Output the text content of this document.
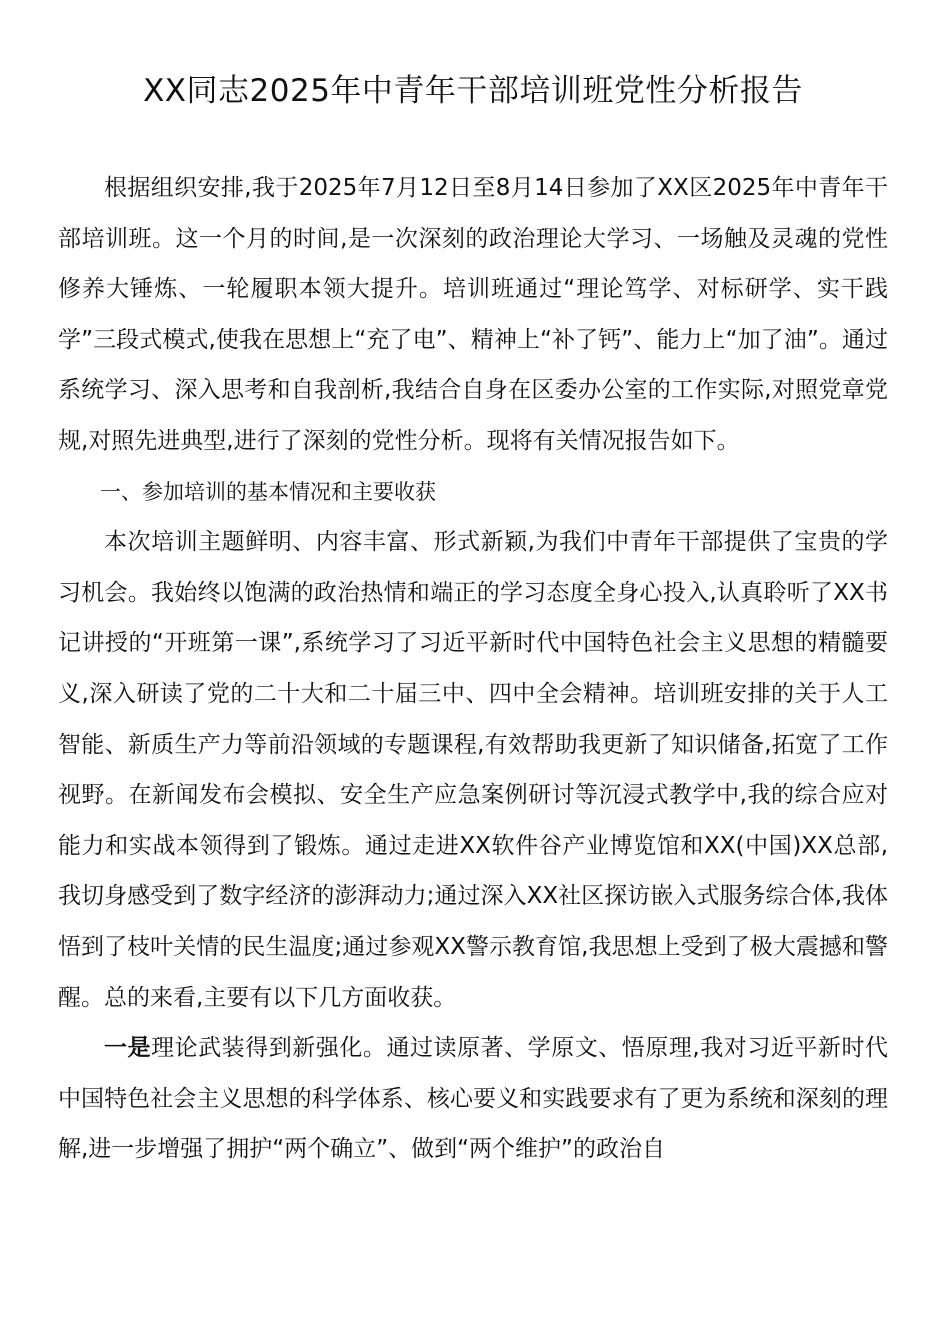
XX同志2025年中青年干部培训班党性分析报告

根据组织安排,我于2025年7月12日至8月14日参加了XX区2025年中青年干部培训班。这一个月的时间,是一次深刻的政治理论大学习、一场触及灵魂的党性修养大锤炼、一轮履职本领大提升。培训班通过“理论笃学、对标研学、实干践学”三段式模式,使我在思想上“充了电”、精神上“补了钙”、能力上“加了油”。通过系统学习、深入思考和自我剖析,我结合自身在区委办公室的工作实际,对照党章党规,对照先进典型,进行了深刻的党性分析。现将有关情况报告如下。

一、参加培训的基本情况和主要收获

本次培训主题鲜明、内容丰富、形式新颖,为我们中青年干部提供了宝贵的学习机会。我始终以饱满的政治热情和端正的学习态度全身心投入,认真聆听了XX书记讲授的“开班第一课”,系统学习了习近平新时代中国特色社会主义思想的精髓要义,深入研读了党的二十大和二十届三中、四中全会精神。培训班安排的关于人工智能、新质生产力等前沿领域的专题课程,有效帮助我更新了知识储备,拓宽了工作视野。在新闻发布会模拟、安全生产应急案例研讨等沉浸式教学中,我的综合应对能力和实战本领得到了锻炼。通过走进XX软件谷产业博览馆和XX(中国)XX总部,我切身感受到了数字经济的澎湃动力;通过深入XX社区探访嵌入式服务综合体,我体悟到了枝叶关情的民生温度;通过参观XX警示教育馆,我思想上受到了极大震撼和警醒。总的来看,主要有以下几方面收获。

一是理论武装得到新强化。通过读原著、学原文、悟原理,我对习近平新时代中国特色社会主义思想的科学体系、核心要义和实践要求有了更为系统和深刻的理解,进一步增强了拥护“两个确立”、做到“两个维护”的政治自
